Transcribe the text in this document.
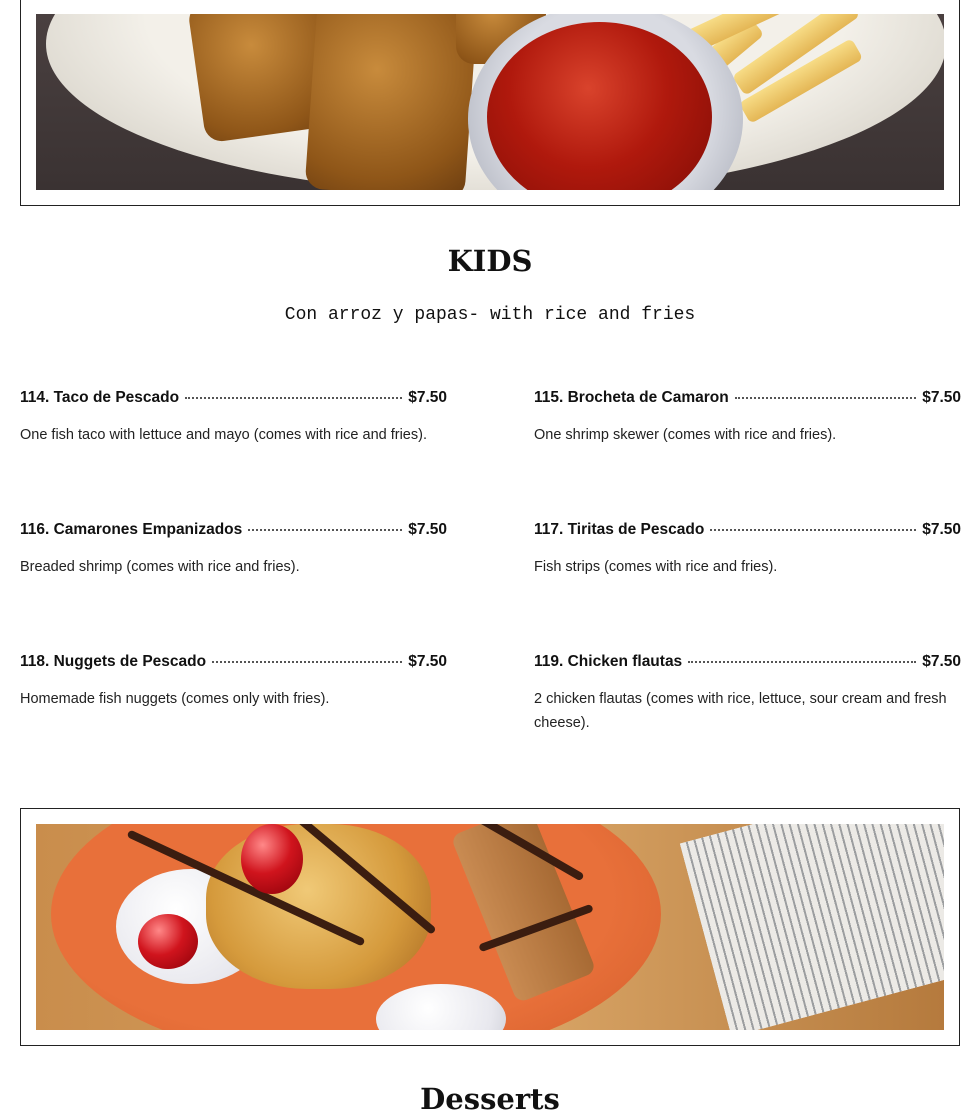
KIDS
Con arroz y papas- with rice and fries
114. Taco de Pescado	$7.50
One fish taco with lettuce and mayo (comes with rice and fries).
115. Brocheta de Camaron	$7.50
One shrimp skewer (comes with rice and fries).
116. Camarones Empanizados	$7.50
Breaded shrimp (comes with rice and fries).
117. Tiritas de Pescado	$7.50
Fish strips (comes with rice and fries).
118. Nuggets de Pescado	$7.50
Homemade fish nuggets (comes only with fries).
119. Chicken flautas	$7.50
2 chicken flautas (comes with rice, lettuce, sour cream and fresh cheese).
Desserts
